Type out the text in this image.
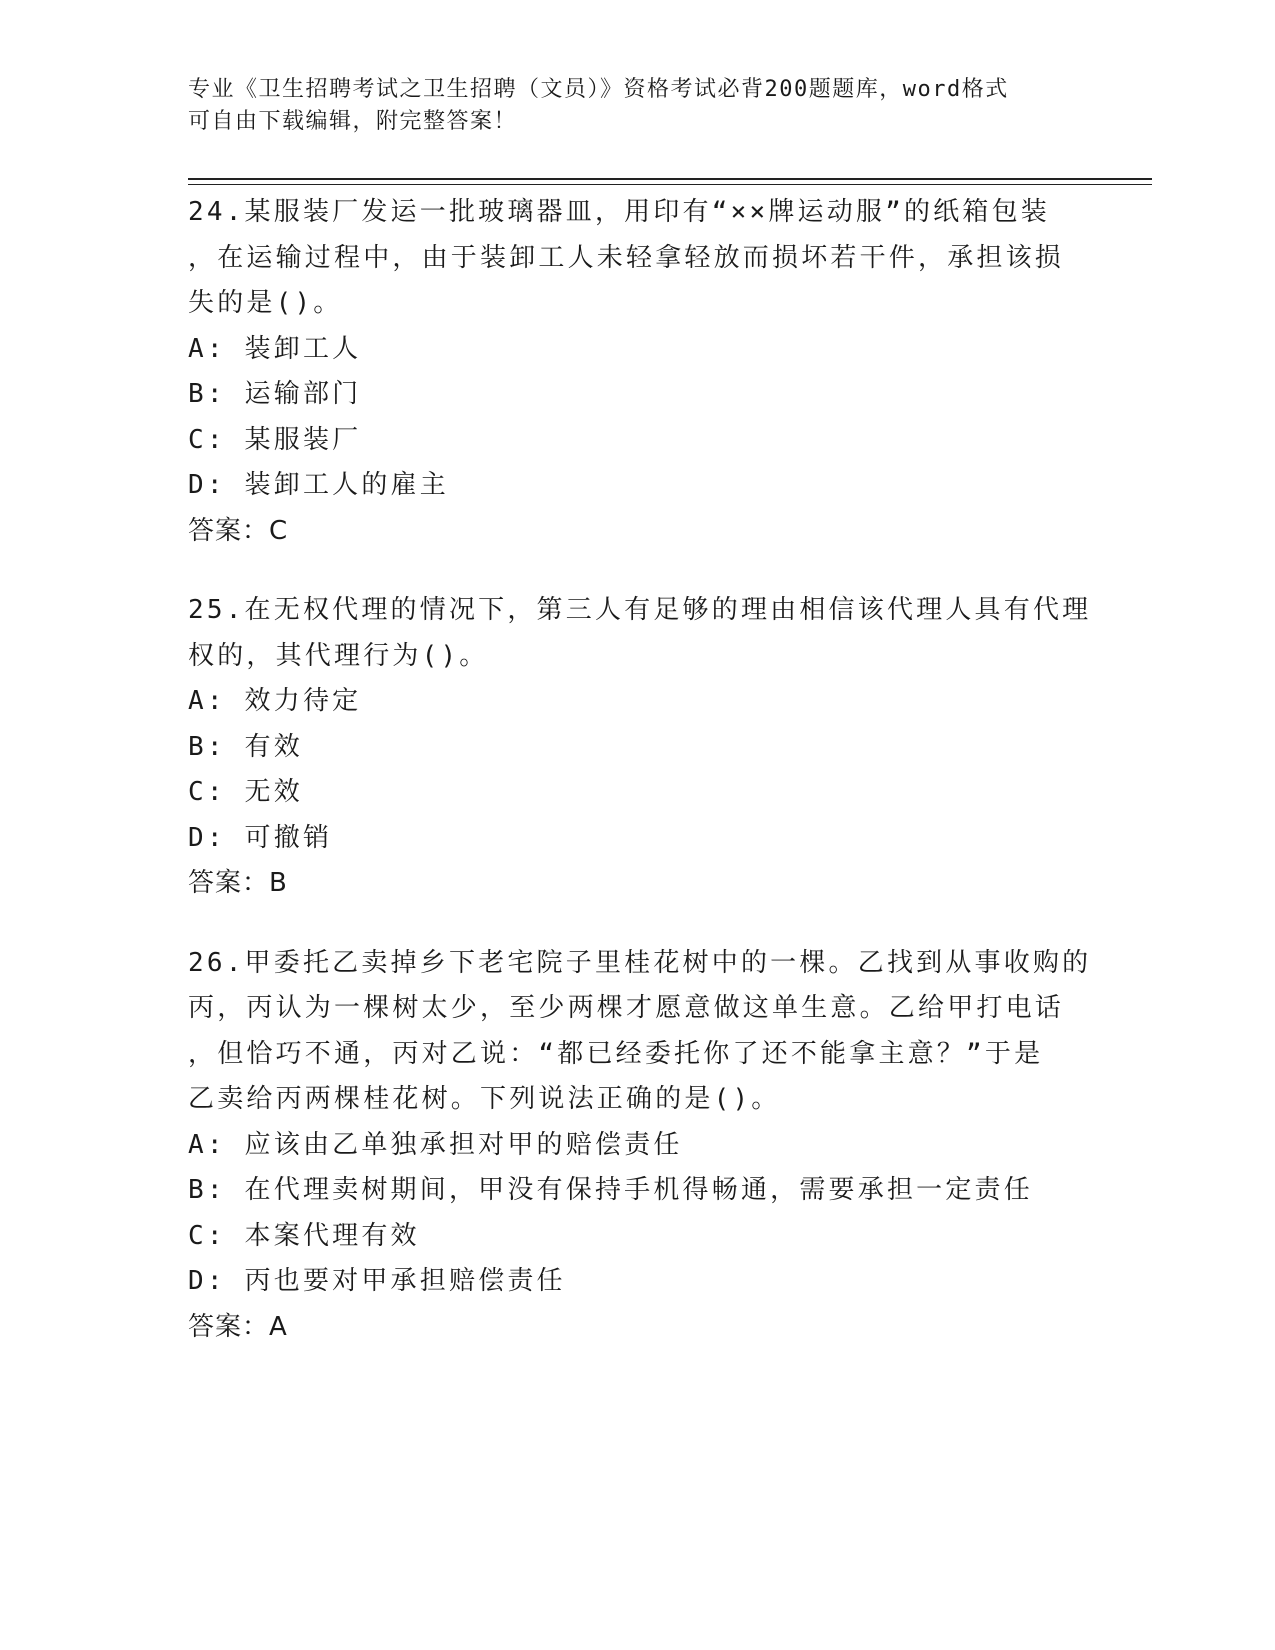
专业《卫生招聘考试之卫生招聘（文员）》资格考试必背200题题库，word格式
可自由下载编辑，附完整答案！
24.某服装厂发运一批玻璃器皿，用印有“××牌运动服”的纸箱包装
，在运输过程中，由于装卸工人未轻拿轻放而损坏若干件，承担该损
失的是()。
A: 装卸工人
B: 运输部门
C: 某服装厂
D: 装卸工人的雇主
答案：C
25.在无权代理的情况下，第三人有足够的理由相信该代理人具有代理
权的，其代理行为()。
A: 效力待定
B: 有效
C: 无效
D: 可撤销
答案：B
26.甲委托乙卖掉乡下老宅院子里桂花树中的一棵。乙找到从事收购的
丙，丙认为一棵树太少，至少两棵才愿意做这单生意。乙给甲打电话
，但恰巧不通，丙对乙说：“都已经委托你了还不能拿主意？”于是
乙卖给丙两棵桂花树。下列说法正确的是()。
A: 应该由乙单独承担对甲的赔偿责任
B: 在代理卖树期间，甲没有保持手机得畅通，需要承担一定责任
C: 本案代理有效
D: 丙也要对甲承担赔偿责任
答案：A
